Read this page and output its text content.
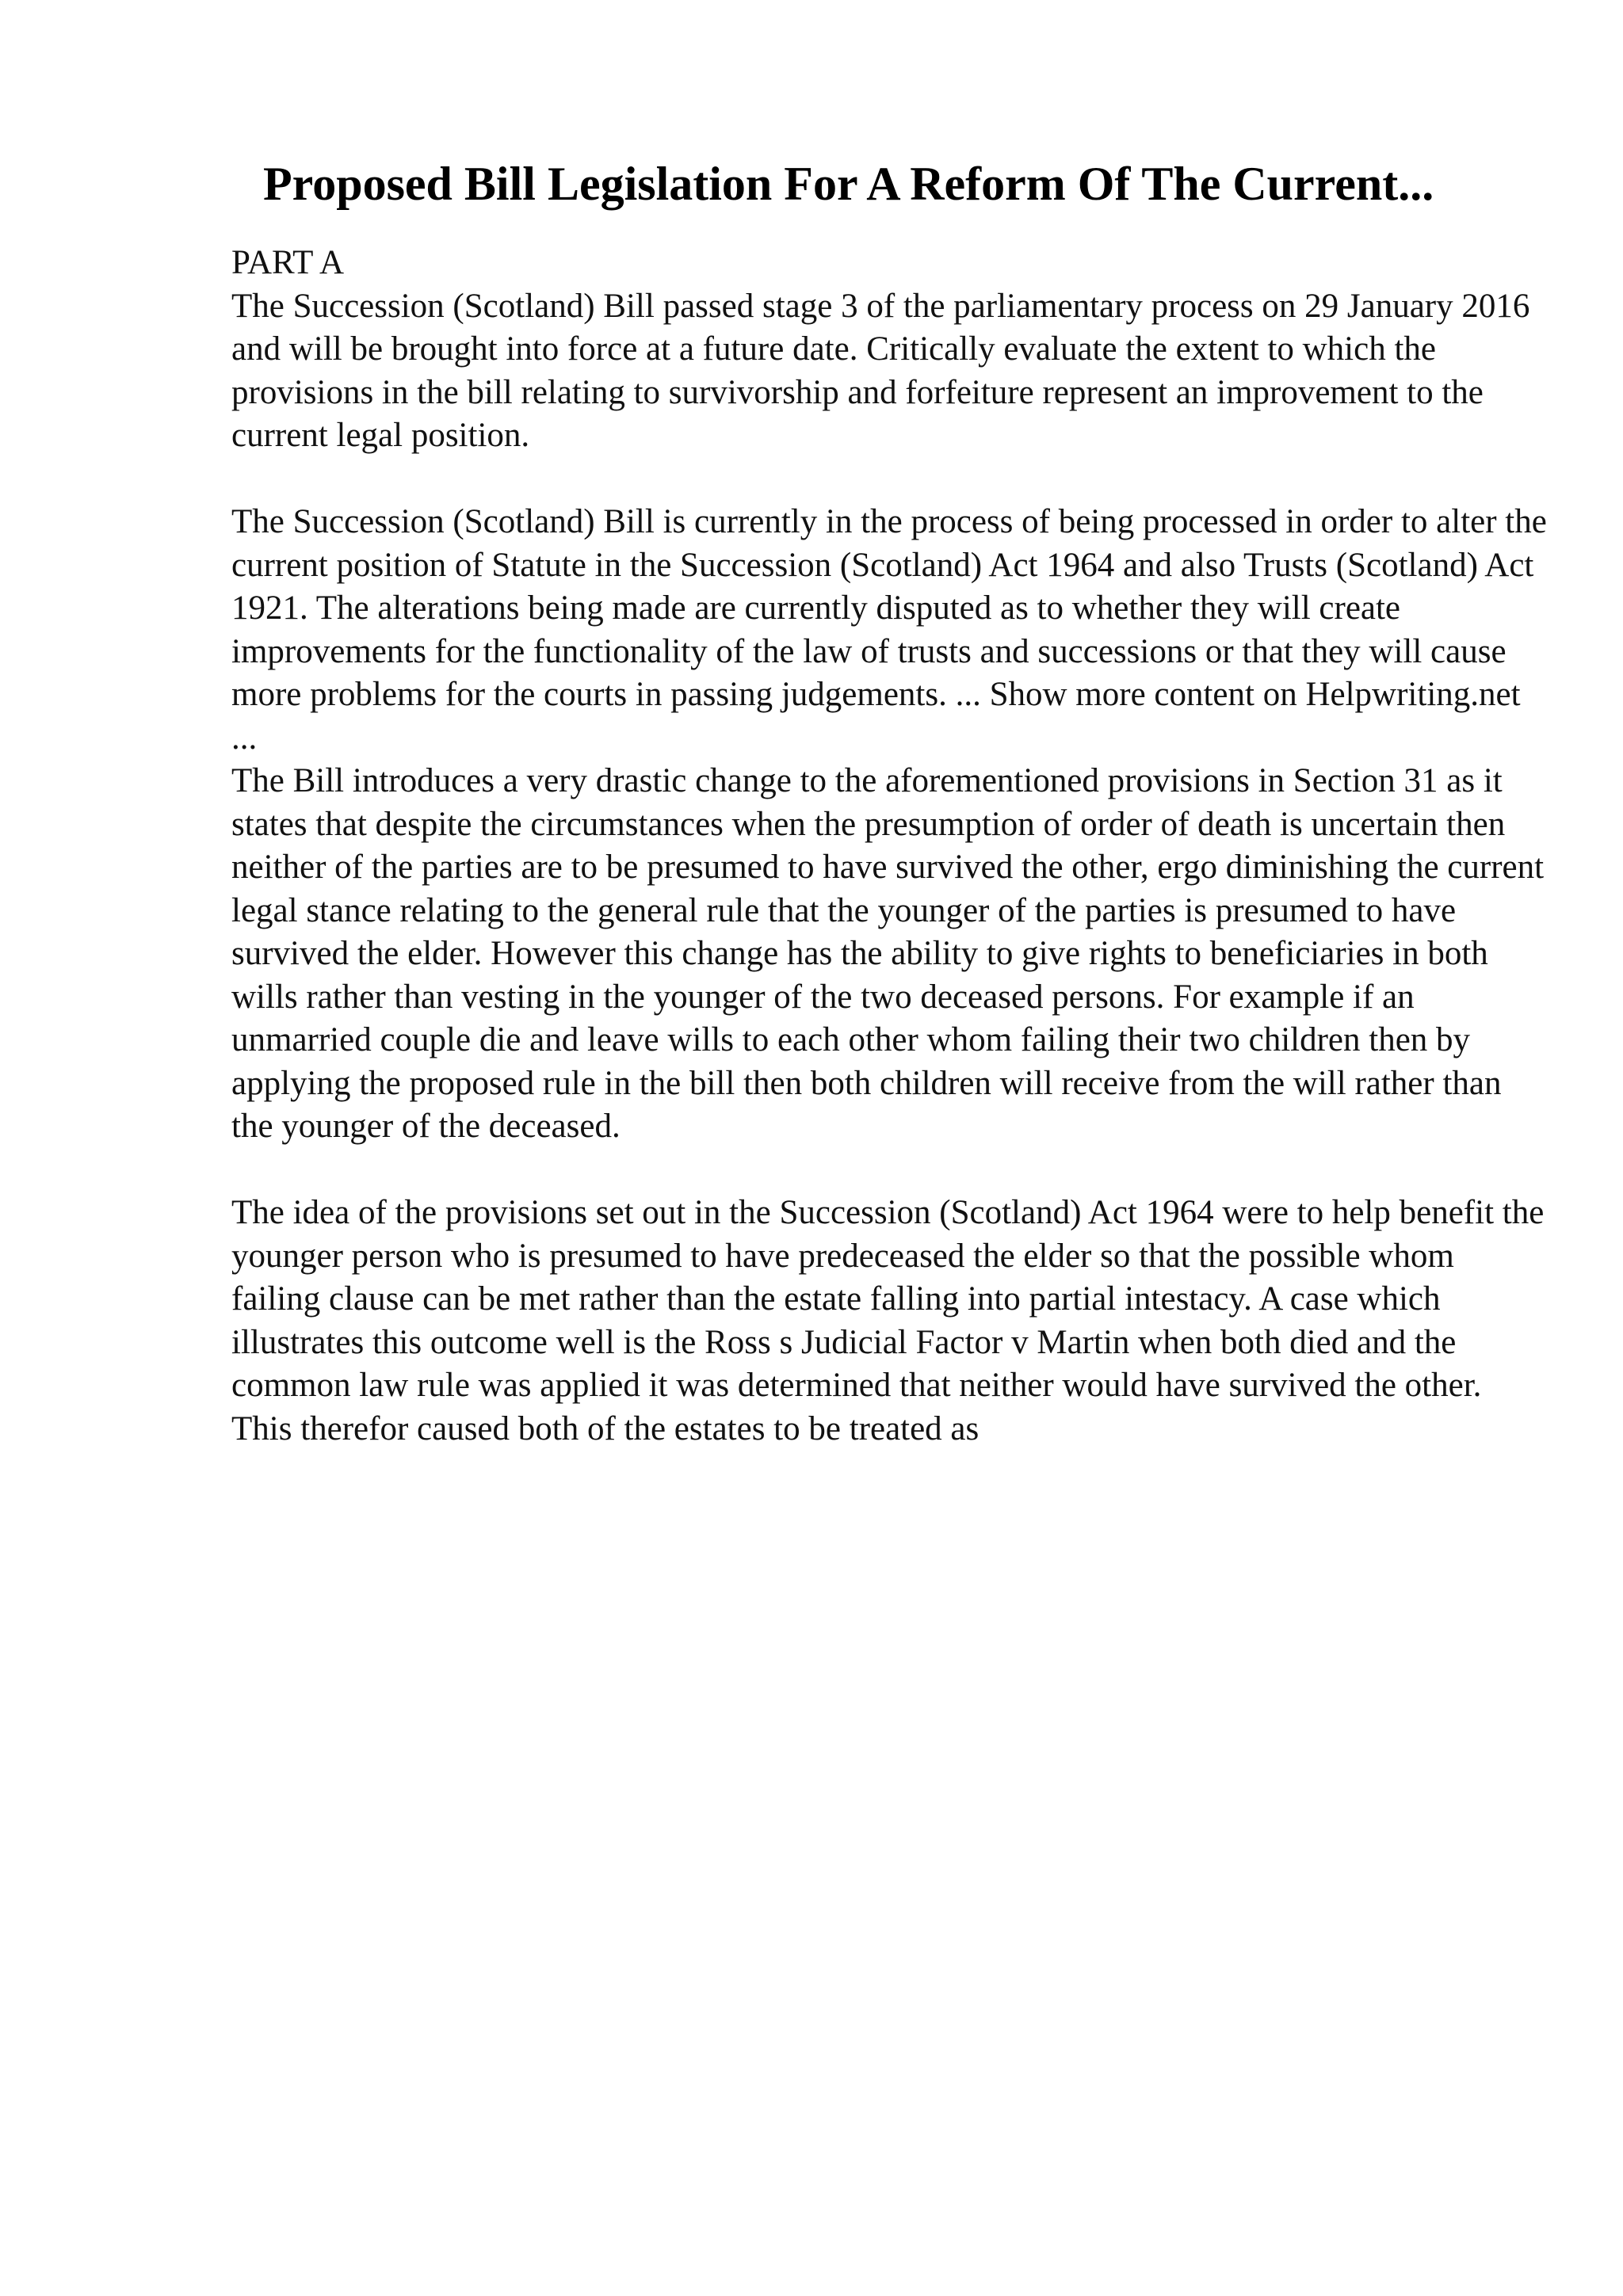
Proposed Bill Legislation For A Reform Of The Current...

PART A

The Succession (Scotland) Bill passed stage 3 of the parliamentary process on 29 January 2016 and will be brought into force at a future date. Critically evaluate the extent to which the provisions in the bill relating to survivorship and forfeiture represent an improvement to the current legal position.

The Succession (Scotland) Bill is currently in the process of being processed in order to alter the current position of Statute in the Succession (Scotland) Act 1964 and also Trusts (Scotland) Act 1921. The alterations being made are currently disputed as to whether they will create improvements for the functionality of the law of trusts and successions or that they will cause more problems for the courts in passing judgements. ... Show more content on Helpwriting.net ...

The Bill introduces a very drastic change to the aforementioned provisions in Section 31 as it states that despite the circumstances when the presumption of order of death is uncertain then neither of the parties are to be presumed to have survived the other, ergo diminishing the current legal stance relating to the general rule that the younger of the parties is presumed to have survived the elder. However this change has the ability to give rights to beneficiaries in both wills rather than vesting in the younger of the two deceased persons. For example if an unmarried couple die and leave wills to each other whom failing their two children then by applying the proposed rule in the bill then both children will receive from the will rather than the younger of the deceased.

The idea of the provisions set out in the Succession (Scotland) Act 1964 were to help benefit the younger person who is presumed to have predeceased the elder so that the possible whom failing clause can be met rather than the estate falling into partial intestacy. A case which illustrates this outcome well is the Ross s Judicial Factor v Martin when both died and the common law rule was applied it was determined that neither would have survived the other. This therefor caused both of the estates to be treated as
